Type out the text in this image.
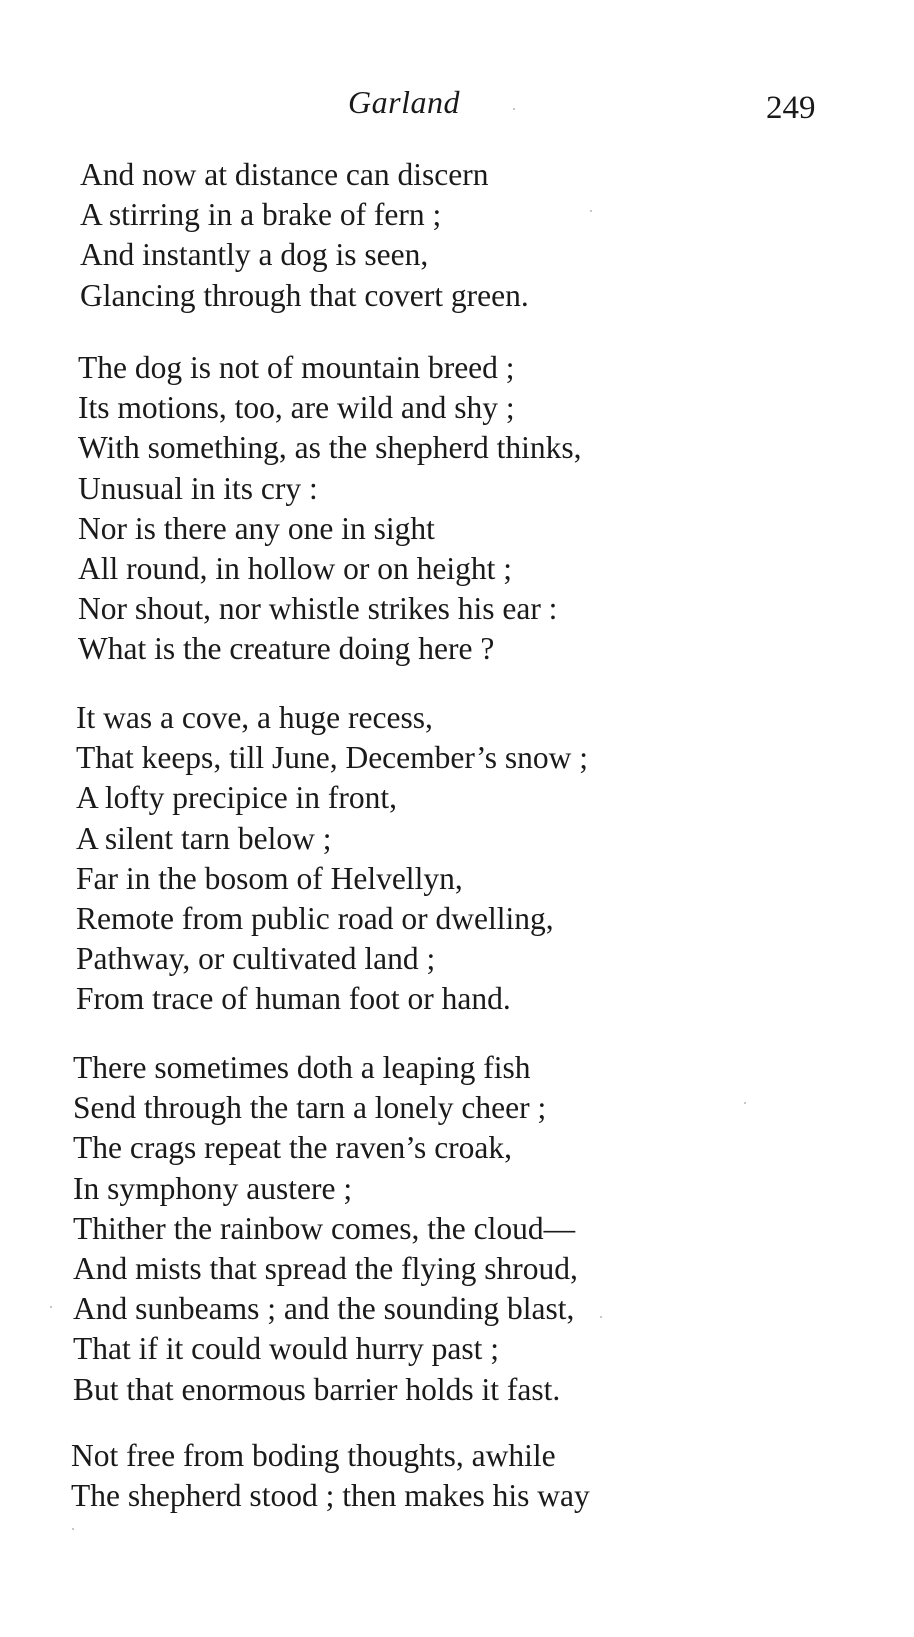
Garland	249
And now at distance can discern
A stirring in a brake of fern ;
And instantly a dog is seen,
Glancing through that covert green.
The dog is not of mountain breed ;
Its motions, too, are wild and shy ;
With something, as the shepherd thinks,
Unusual in its cry :
Nor is there any one in sight
All round, in hollow or on height ;
Nor shout, nor whistle strikes his ear :
What is the creature doing here ?
It was a cove, a huge recess,
That keeps, till June, December’s snow ;
A lofty precipice in front,
A silent tarn below ;
Far in the bosom of Helvellyn,
Remote from public road or dwelling,
Pathway, or cultivated land ;
From trace of human foot or hand.
There sometimes doth a leaping fish
Send through the tarn a lonely cheer ;
The crags repeat the raven’s croak,
In symphony austere ;
Thither the rainbow comes, the cloud—
And mists that spread the flying shroud,
And sunbeams ; and the sounding blast,
That if it could would hurry past ;
But that enormous barrier holds it fast.
Not free from boding thoughts, awhile
The shepherd stood ; then makes his way
